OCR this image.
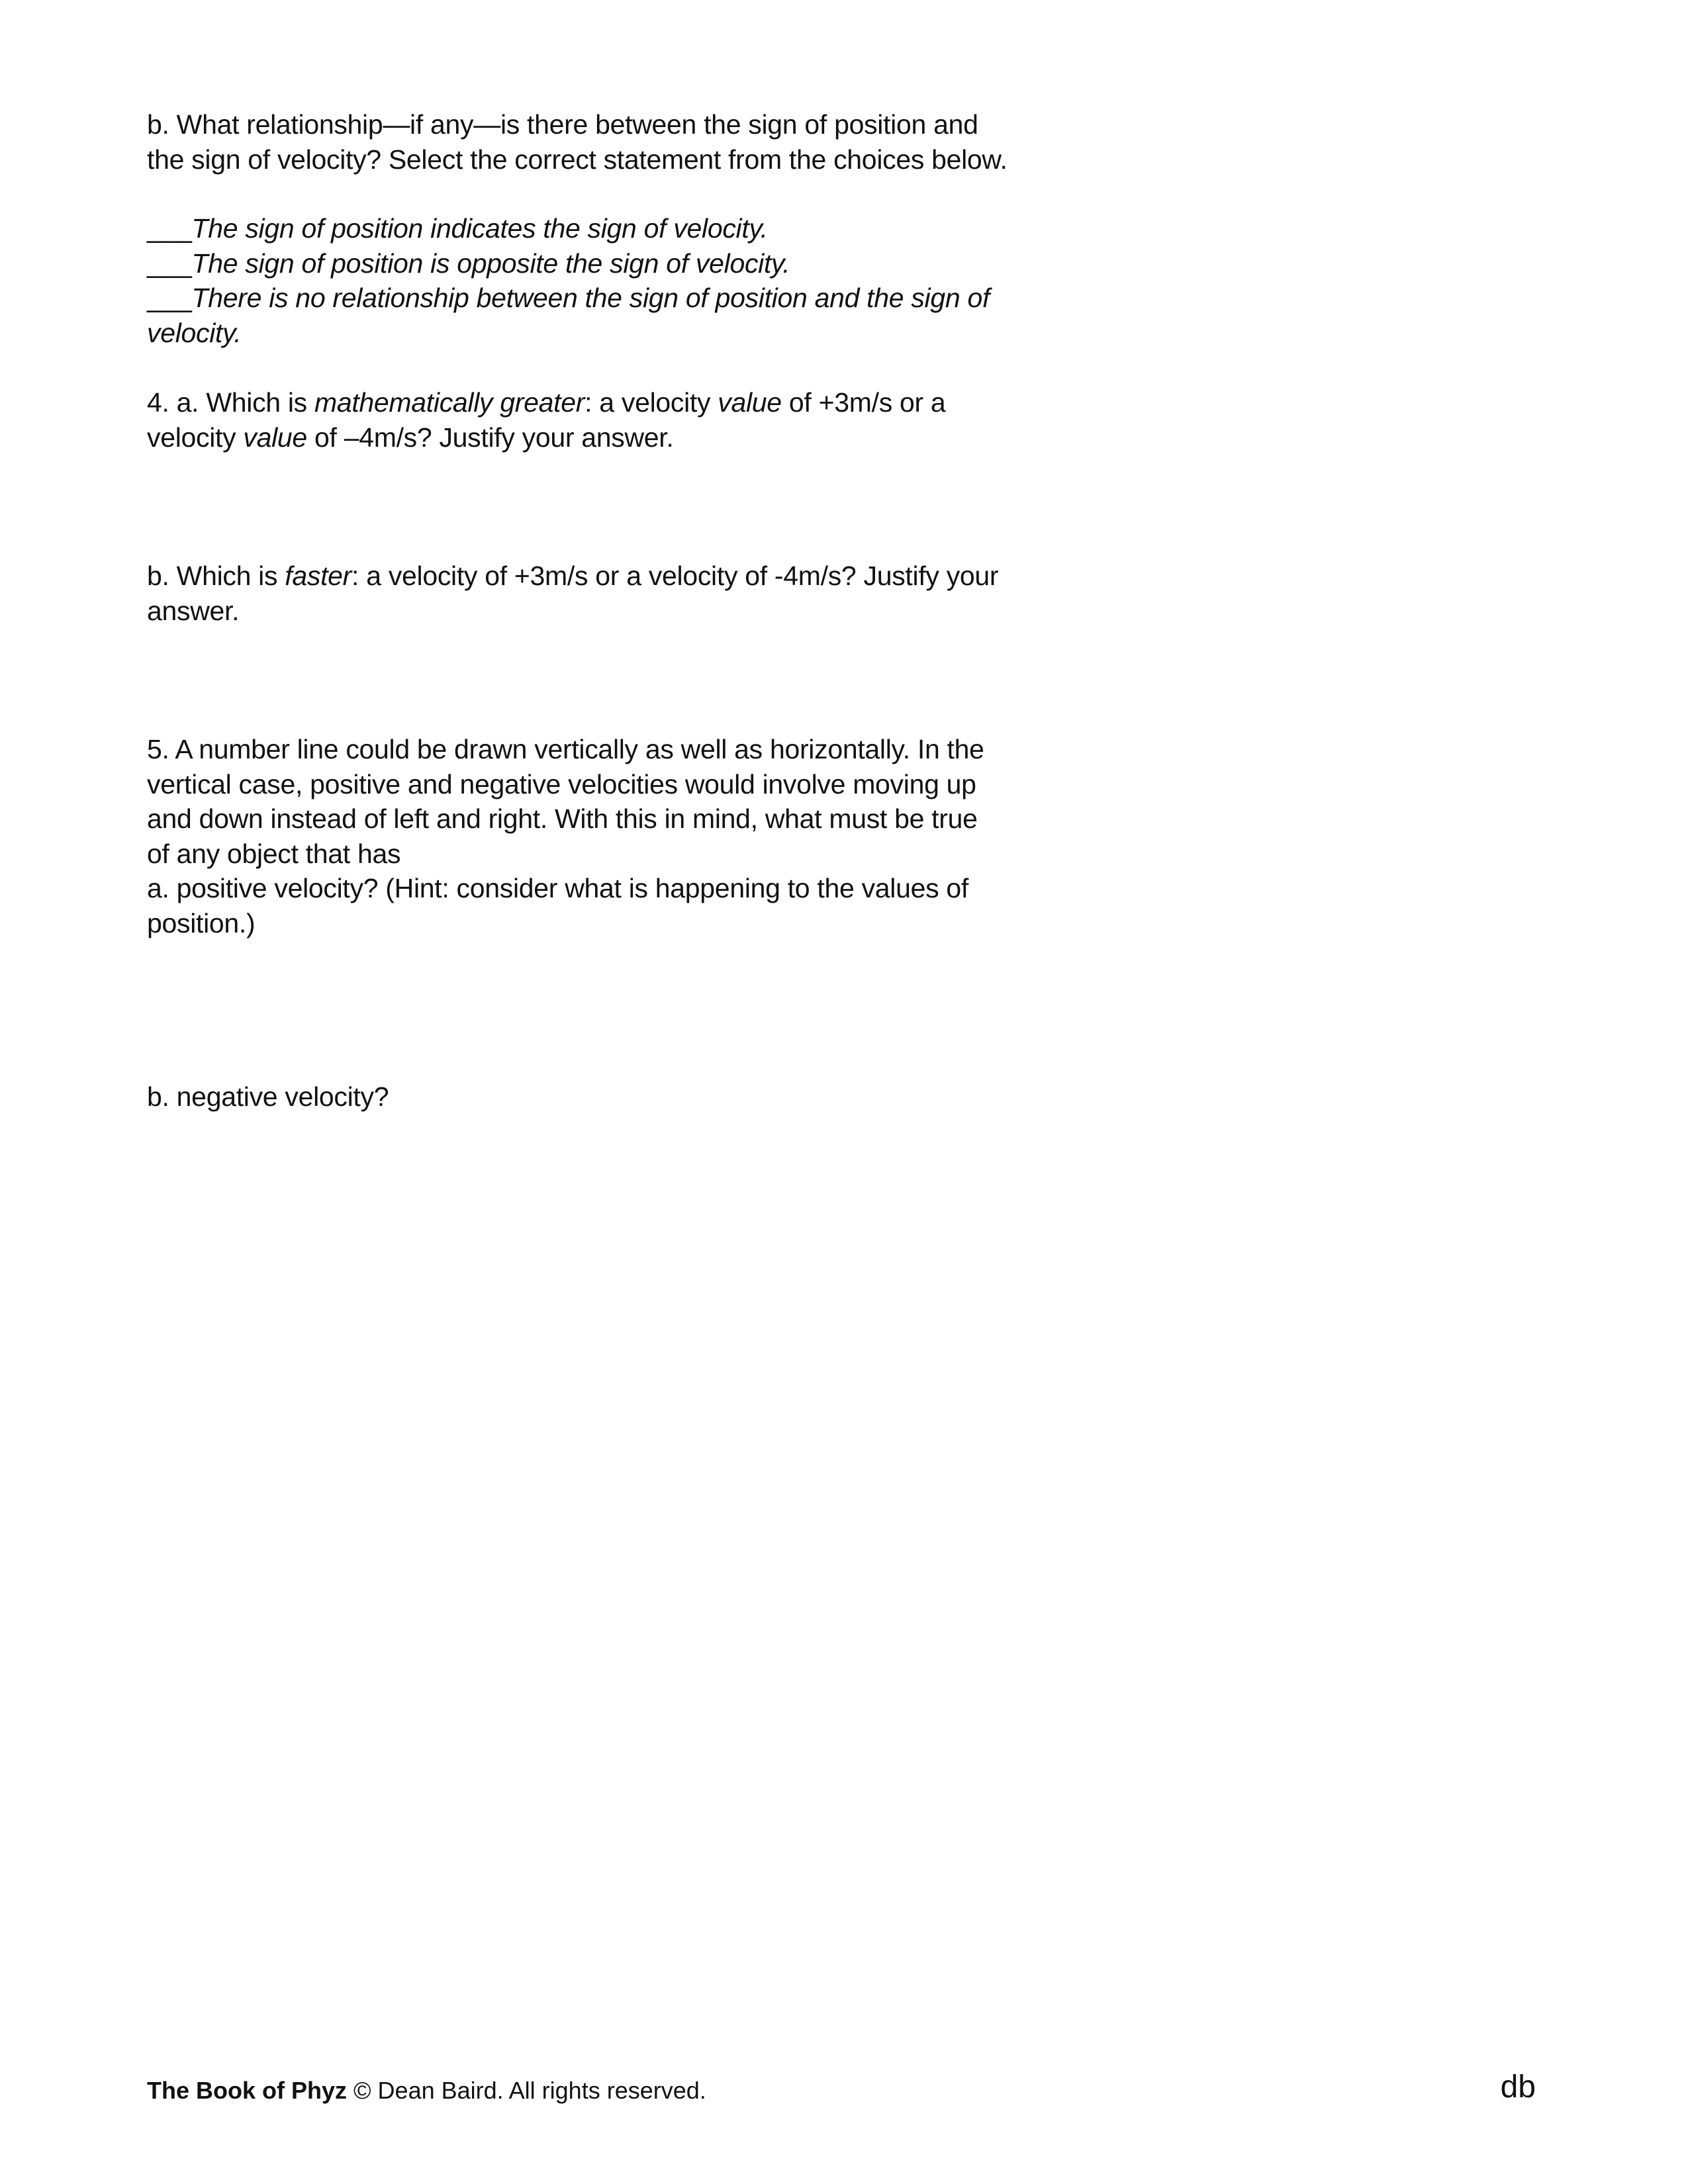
b. What relationship—if any—is there between the sign of position and

the sign of velocity? Select the correct statement from the choices below.

___The sign of position indicates the sign of velocity.

___The sign of position is opposite the sign of velocity.

___There is no relationship between the sign of position and the sign of

velocity.

4. a. Which is mathematically greater: a velocity value of +3m/s or a

velocity value of –4m/s? Justify your answer.

b. Which is faster: a velocity of +3m/s or a velocity of -4m/s? Justify your

answer.

5. A number line could be drawn vertically as well as horizontally. In the

vertical case, positive and negative velocities would involve moving up

and down instead of left and right. With this in mind, what must be true

of any object that has

a. positive velocity? (Hint: consider what is happening to the values of

position.)

b. negative velocity?

The Book of Phyz © Dean Baird. All rights reserved.	db
